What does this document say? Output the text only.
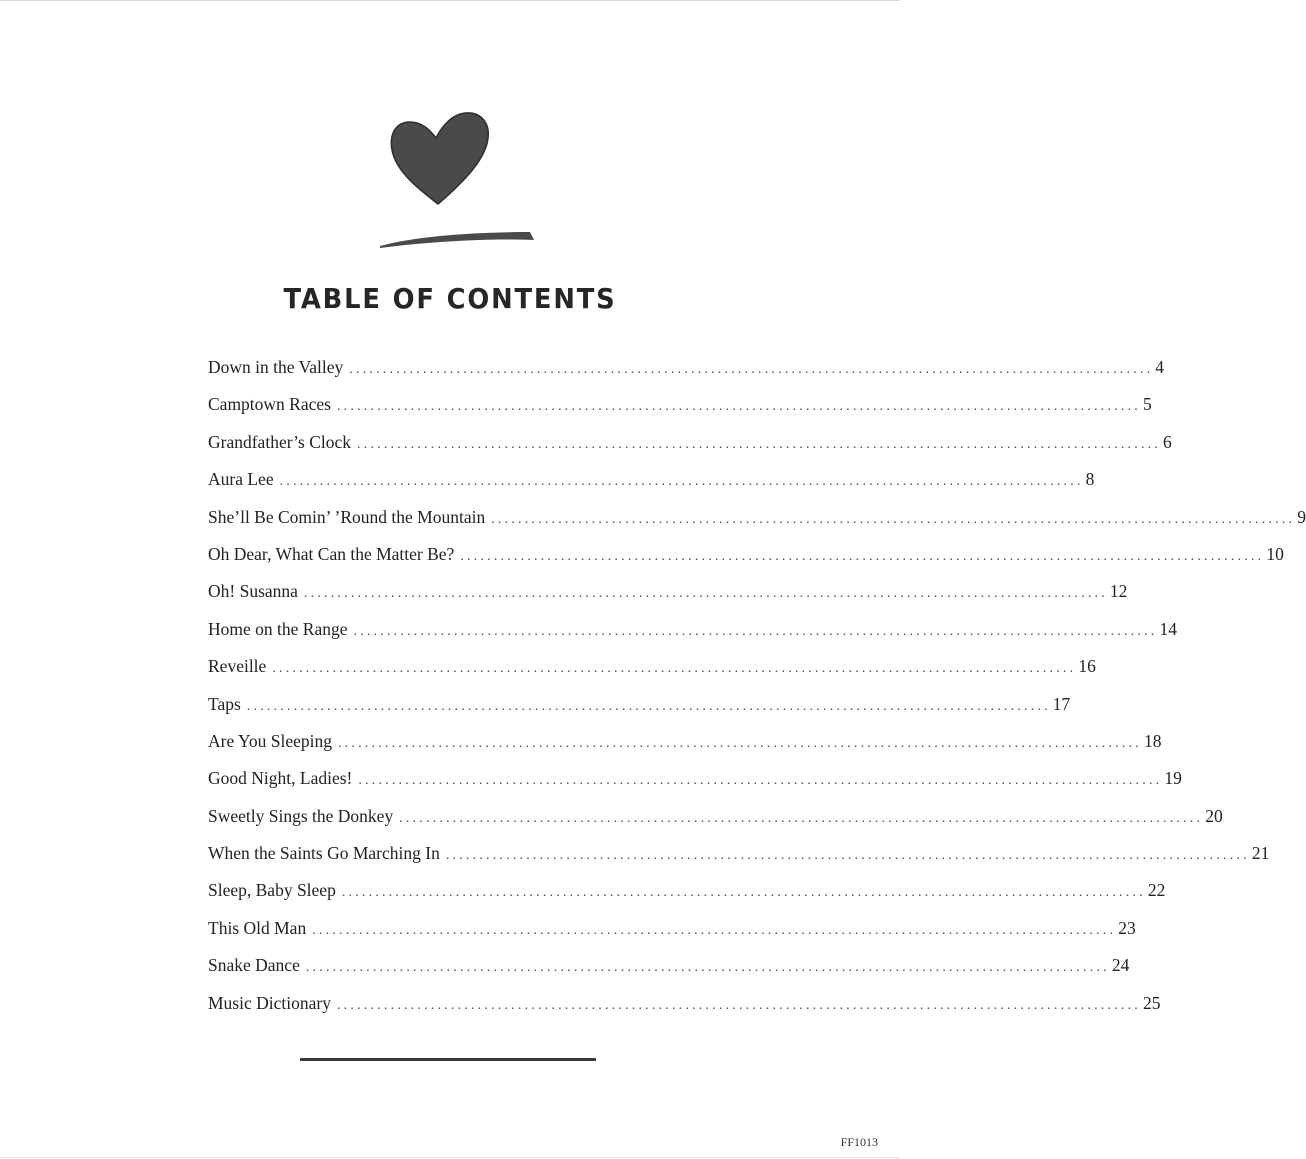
TABLE OF CONTENTS
Down in the Valley ........................................................................................................................ 4
Camptown Races ........................................................................................................................ 5
Grandfather’s Clock ........................................................................................................................ 6
Aura Lee ........................................................................................................................ 8
She’ll Be Comin’ ’Round the Mountain ........................................................................................................................ 9
Oh Dear, What Can the Matter Be? ........................................................................................................................ 10
Oh! Susanna ........................................................................................................................ 12
Home on the Range ........................................................................................................................ 14
Reveille ........................................................................................................................ 16
Taps ........................................................................................................................ 17
Are You Sleeping ........................................................................................................................ 18
Good Night, Ladies! ........................................................................................................................ 19
Sweetly Sings the Donkey ........................................................................................................................ 20
When the Saints Go Marching In ........................................................................................................................ 21
Sleep, Baby Sleep ........................................................................................................................ 22
This Old Man ........................................................................................................................ 23
Snake Dance ........................................................................................................................ 24
Music Dictionary ........................................................................................................................ 25
FF1013
